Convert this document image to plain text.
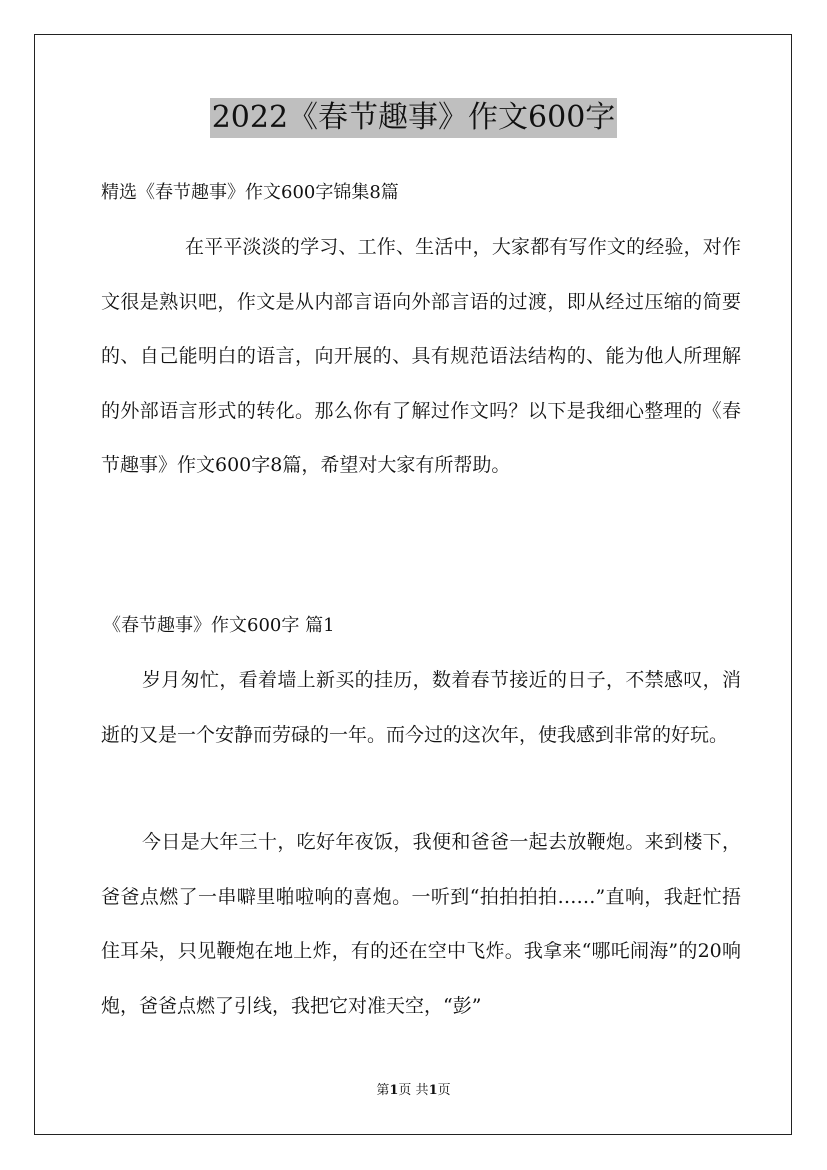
2022《春节趣事》作文600字
精选《春节趣事》作文600字锦集8篇

在平平淡淡的学习、工作、生活中，大家都有写作文的经验，对作文很是熟识吧，作文是从内部言语向外部言语的过渡，即从经过压缩的简要的、自己能明白的语言，向开展的、具有规范语法结构的、能为他人所理解的外部语言形式的转化。那么你有了解过作文吗？以下是我细心整理的《春节趣事》作文600字8篇，希望对大家有所帮助。

《春节趣事》作文600字 篇1

岁月匆忙，看着墙上新买的挂历，数着春节接近的日子，不禁感叹，消逝的又是一个安静而劳碌的一年。而今过的这次年，使我感到非常的好玩。

今日是大年三十，吃好年夜饭，我便和爸爸一起去放鞭炮。来到楼下，爸爸点燃了一串噼里啪啦响的喜炮。一听到“拍拍拍拍……”直响，我赶忙捂住耳朵，只见鞭炮在地上炸，有的还在空中飞炸。我拿来“哪吒闹海”的20响炮，爸爸点燃了引线，我把它对准天空，“彭”

第1页 共1页
